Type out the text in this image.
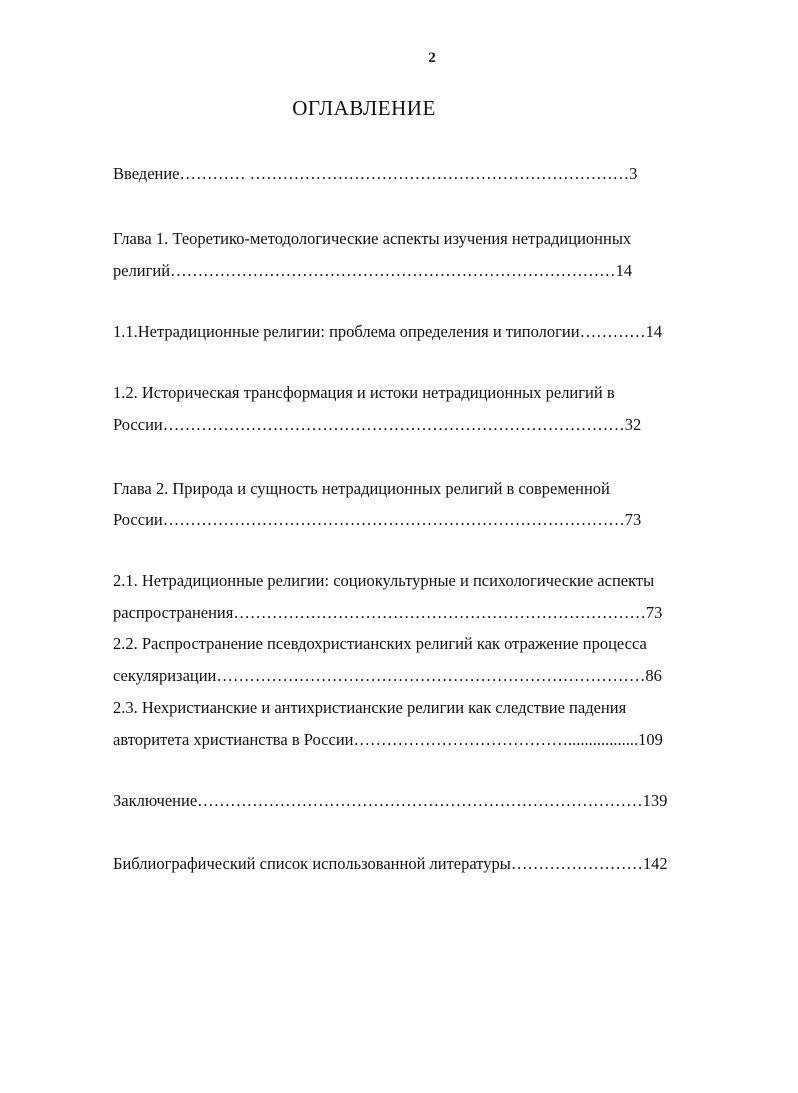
2
ОГЛАВЛЕНИЕ
Введение………… ……………………………………………………………3
Глава 1. Теоретико-методологические аспекты изучения нетрадиционных
религий………………………………………………………………………14
1.1.Нетрадиционные религии: проблема определения и типологии…………14
1.2. Историческая трансформация и истоки нетрадиционных религий в
России…………………………………………………………………………32
Глава 2. Природа и сущность нетрадиционных религий в современной
России…………………………………………………………………………73
2.1. Нетрадиционные религии: социокультурные и психологические аспекты
распространения…………………………………………………………………73
2.2. Распространение псевдохристианских религий как отражение процесса
секуляризации……………………………………………………………………86
2.3. Нехристианские и антихристианские религии как следствие падения
авторитета христианства в России………………………………….................109
Заключение………………………………………………………………………139
Библиографический список использованной литературы……………………142
